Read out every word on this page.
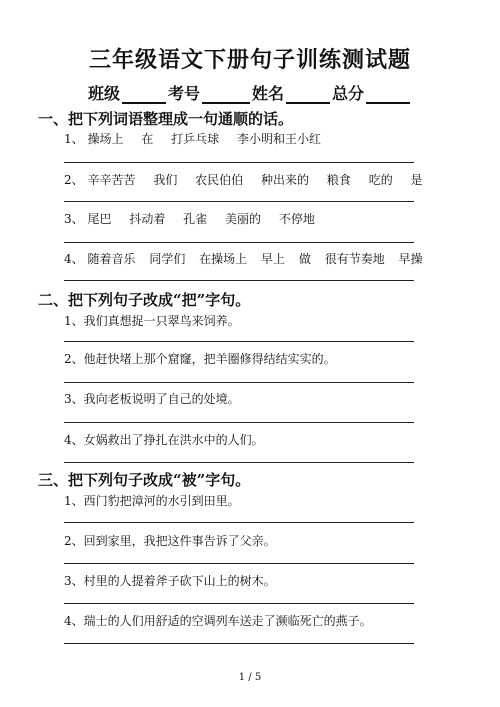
三年级语文下册句子训练测试题
班级	考号	姓名	总分
一、把下列词语整理成一句通顺的话。
1、 操场上 在 打乒乓球 李小明和王小红
2、 辛辛苦苦 我们 农民伯伯 种出来的 粮食 吃的 是
3、 尾巴 抖动着 孔雀 美丽的 不停地
4、 随着音乐 同学们 在操场上 早上 做 很有节奏地 早操
二、把下列句子改成“把”字句。
1、我们真想捉一只翠鸟来饲养。
2、他赶快堵上那个窟窿，把羊圈修得结结实实的。
3、我向老板说明了自己的处境。
4、女娲救出了挣扎在洪水中的人们。
三、把下列句子改成“被”字句。
1、西门豹把漳河的水引到田里。
2、回到家里，我把这件事告诉了父亲。
3、村里的人提着斧子砍下山上的树木。
4、瑞士的人们用舒适的空调列车送走了濒临死亡的燕子。
1 / 5
